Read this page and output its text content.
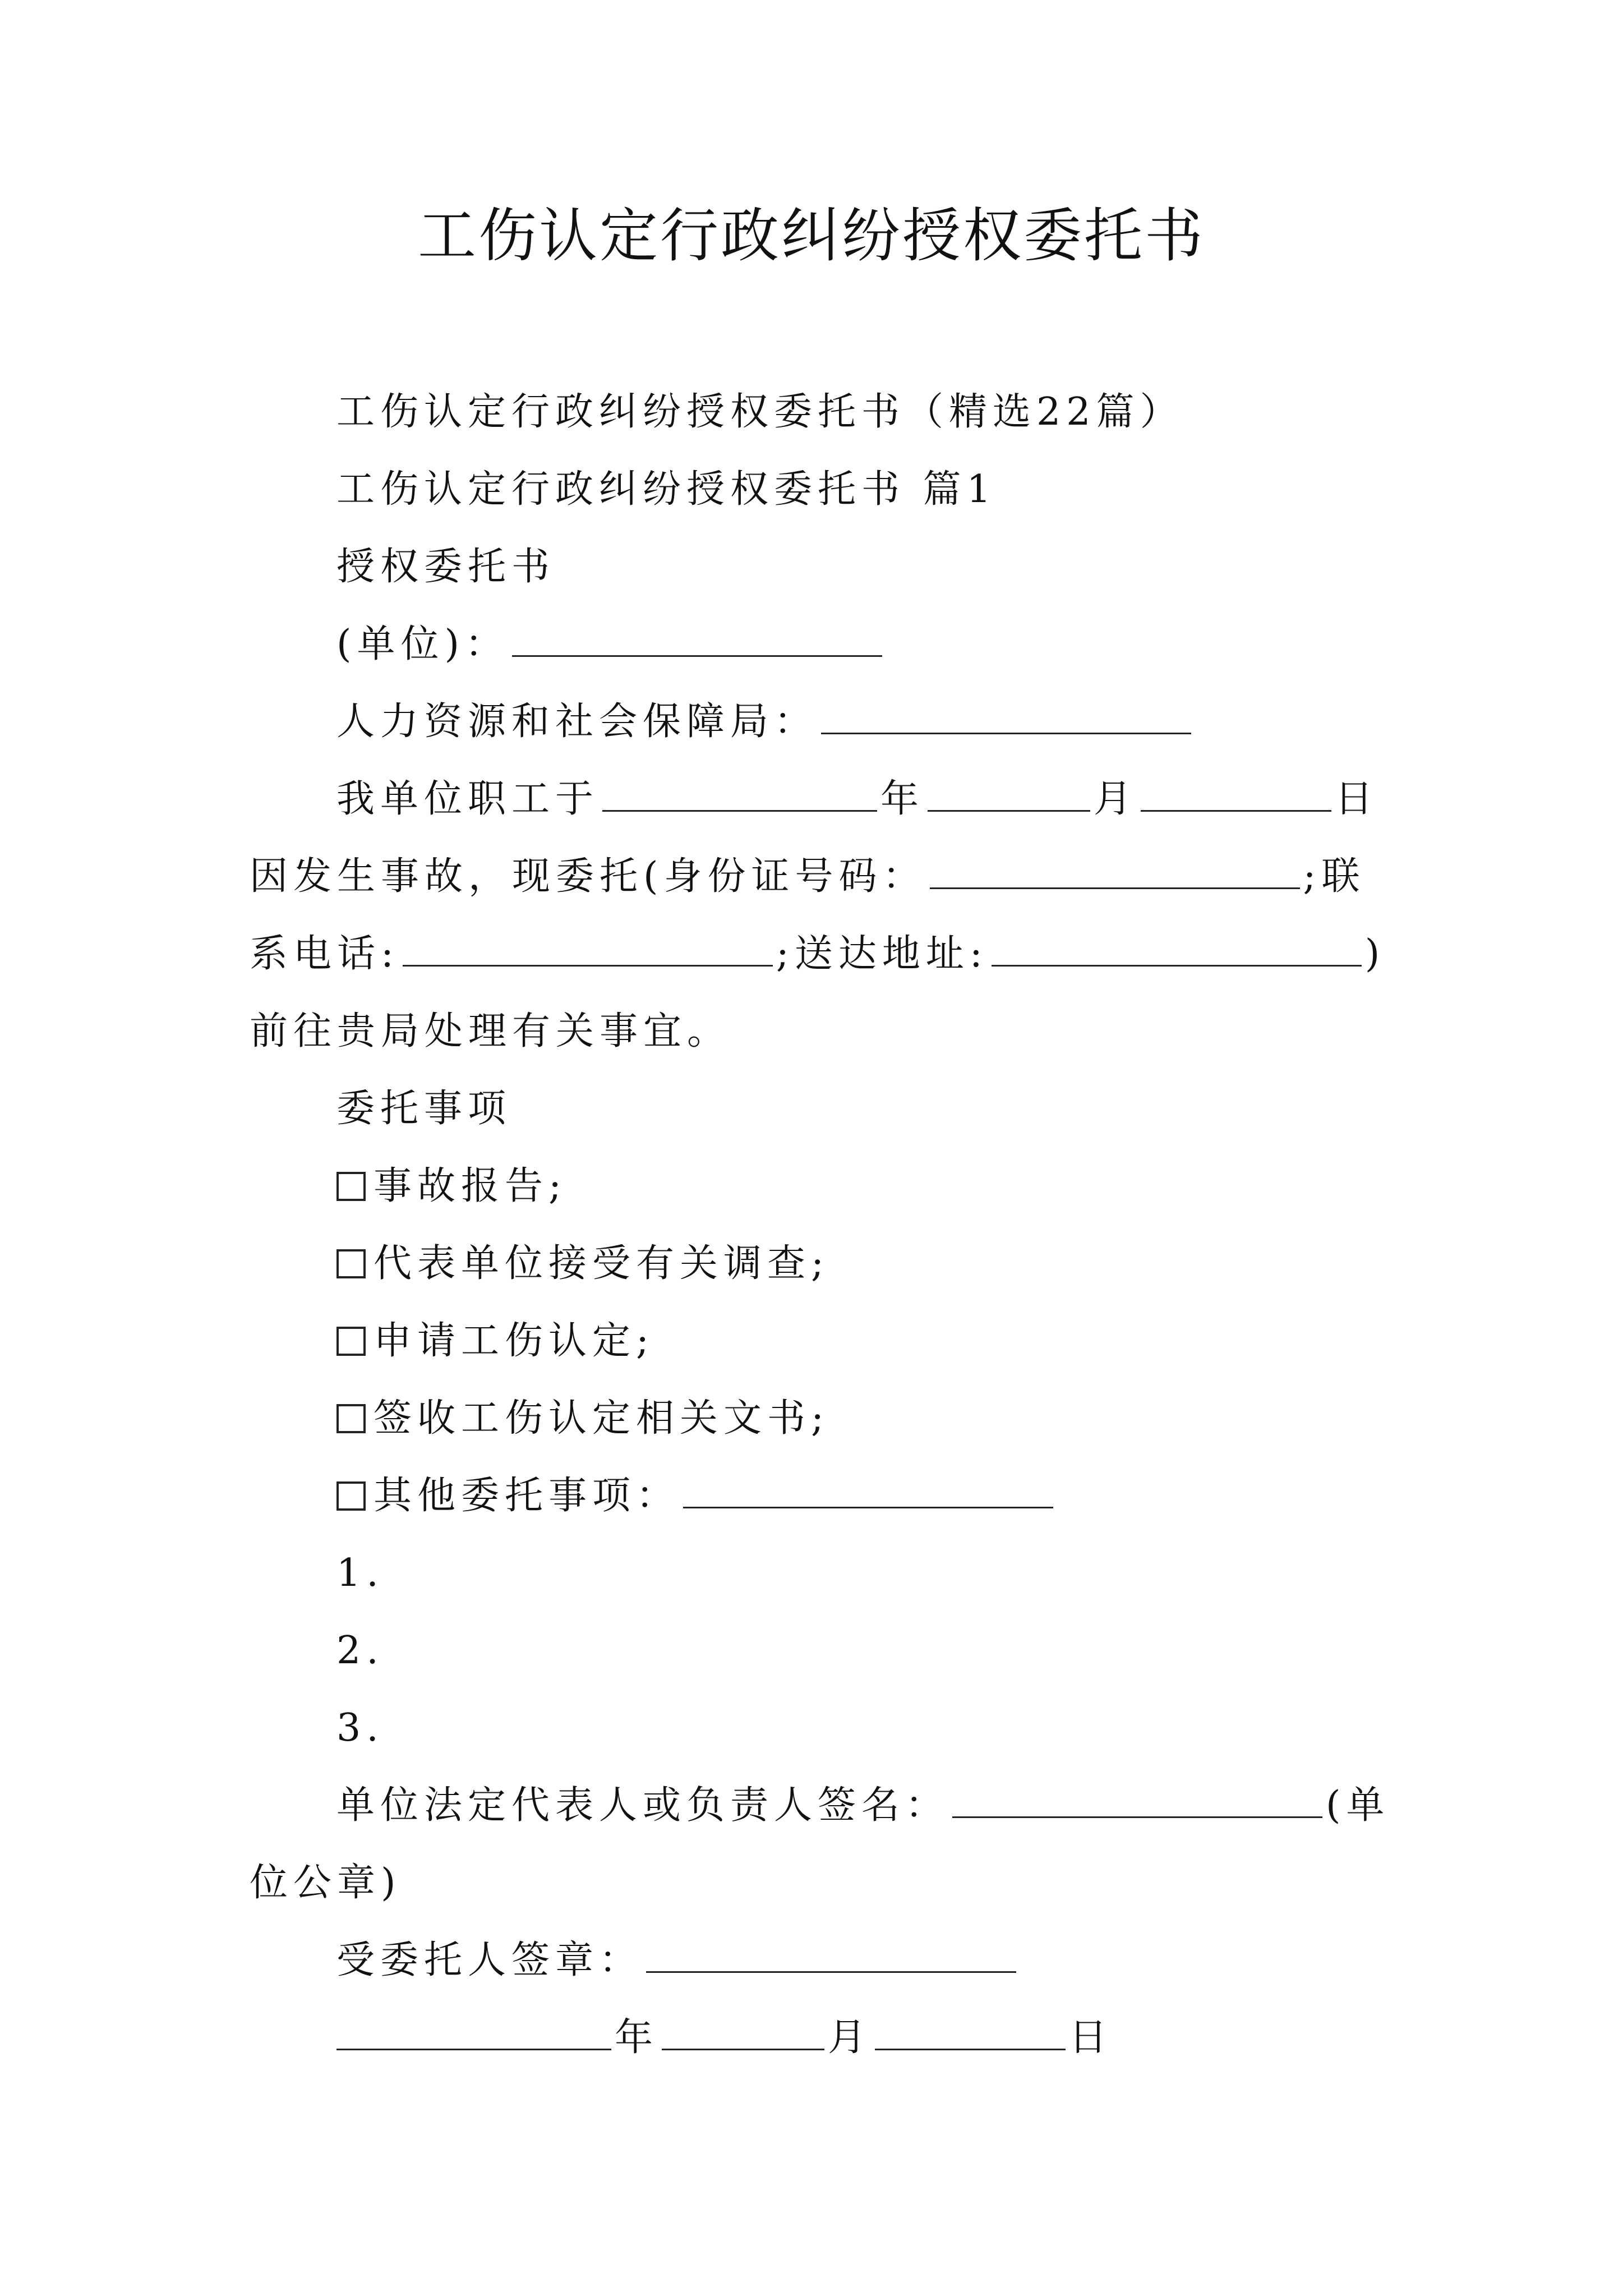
工伤认定行政纠纷授权委托书
工伤认定行政纠纷授权委托书（精选22篇）
工伤认定行政纠纷授权委托书 篇1
授权委托书
(单位)：
人力资源和社会保障局：
我单位职工于	年	月	日
因发生事故，现委托(身份证号码：	;联
系电话:	;送达地址:	)
前往贵局处理有关事宜。
委托事项
事故报告;
代表单位接受有关调查;
申请工伤认定;
签收工伤认定相关文书;
其他委托事项：
1.
2.
3.
单位法定代表人或负责人签名：	(单
位公章)
受委托人签章：
年	月	日
